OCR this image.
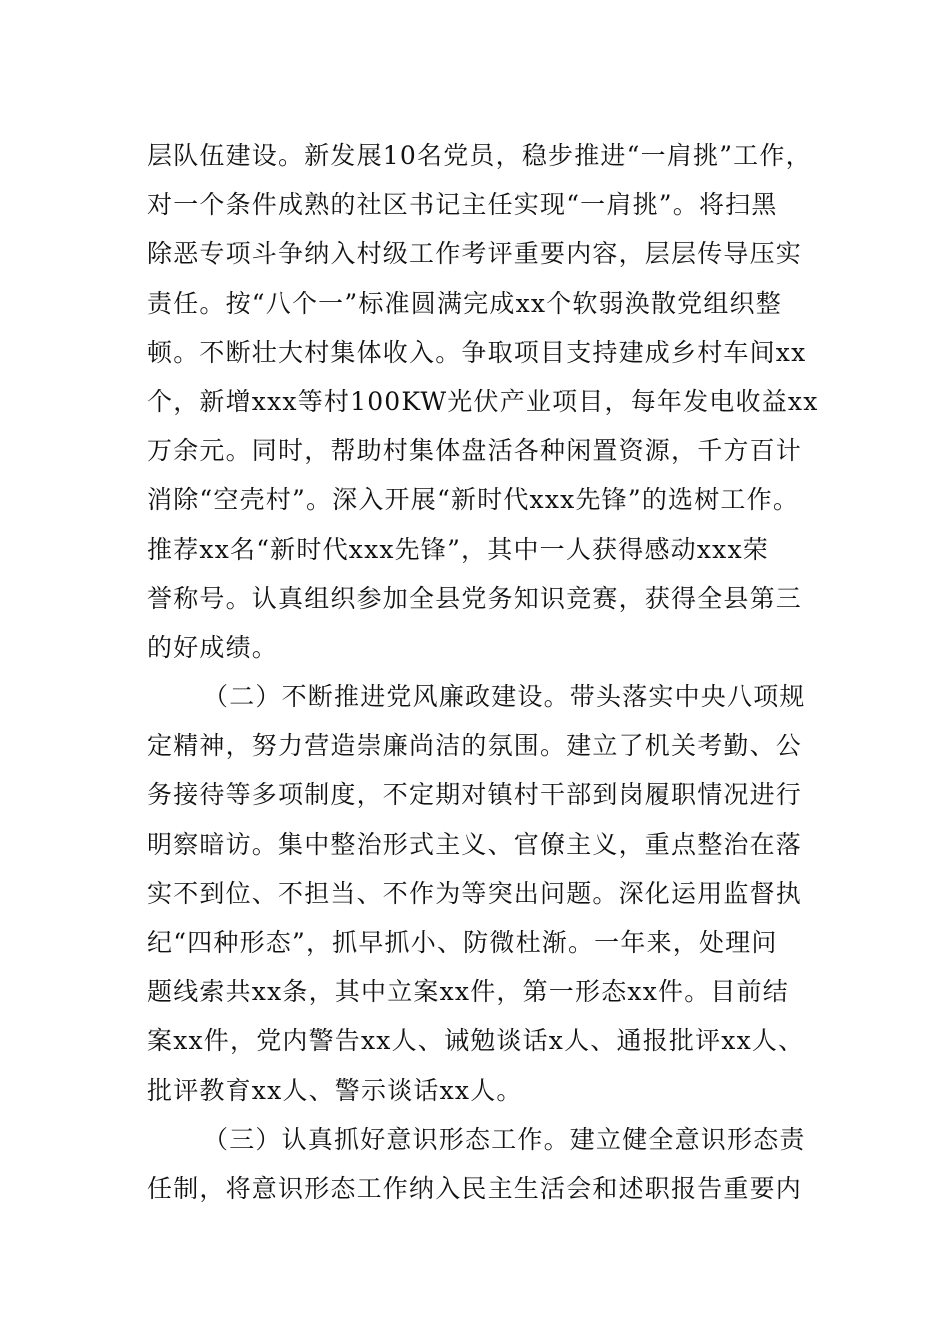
层队伍建设。新发展10名党员，稳步推进“一肩挑”工作，
对一个条件成熟的社区书记主任实现“一肩挑”。将扫黑
除恶专项斗争纳入村级工作考评重要内容，层层传导压实
责任。按“八个一”标准圆满完成xx个软弱涣散党组织整
顿。不断壮大村集体收入。争取项目支持建成乡村车间xx
个，新增xxx等村100KW光伏产业项目，每年发电收益xx
万余元。同时，帮助村集体盘活各种闲置资源，千方百计
消除“空壳村”。深入开展“新时代xxx先锋”的选树工作。
推荐xx名“新时代xxx先锋”，其中一人获得感动xxx荣
誉称号。认真组织参加全县党务知识竞赛，获得全县第三
的好成绩。
（二）不断推进党风廉政建设。带头落实中央八项规
定精神，努力营造崇廉尚洁的氛围。建立了机关考勤、公
务接待等多项制度，不定期对镇村干部到岗履职情况进行
明察暗访。集中整治形式主义、官僚主义，重点整治在落
实不到位、不担当、不作为等突出问题。深化运用监督执
纪“四种形态”，抓早抓小、防微杜渐。一年来，处理问
题线索共xx条，其中立案xx件，第一形态xx件。目前结
案xx件，党内警告xx人、诫勉谈话x人、通报批评xx人、
批评教育xx人、警示谈话xx人。
（三）认真抓好意识形态工作。建立健全意识形态责
任制，将意识形态工作纳入民主生活会和述职报告重要内
